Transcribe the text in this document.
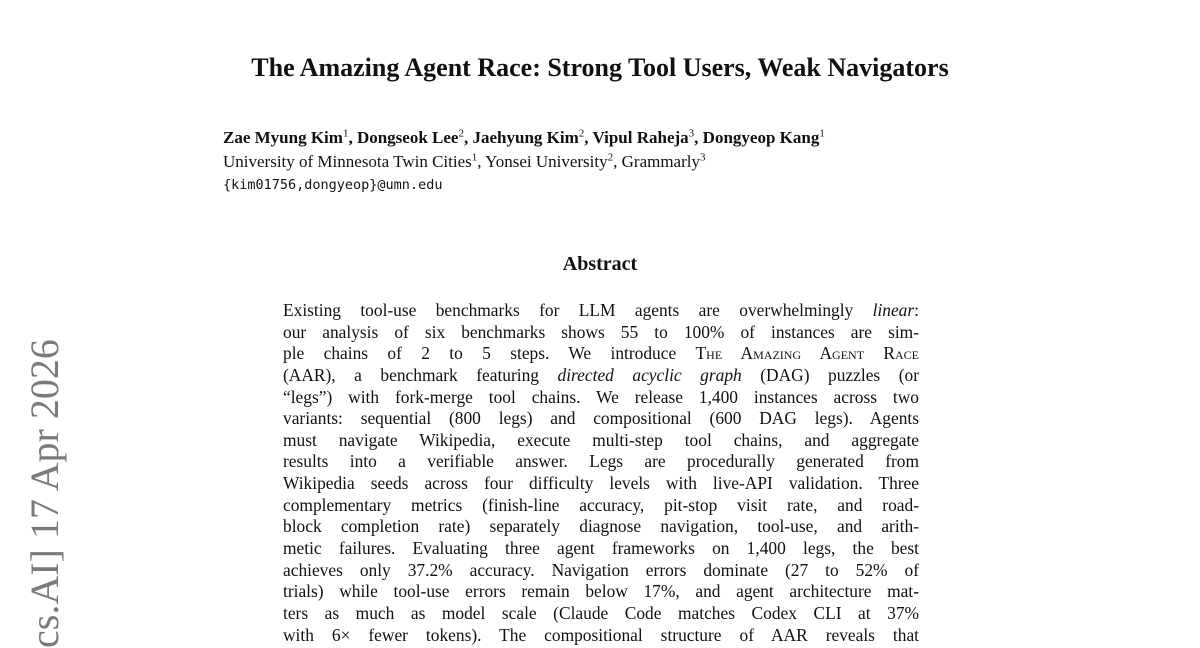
The Amazing Agent Race: Strong Tool Users, Weak Navigators
Zae Myung Kim$^1$, Dongseok Lee$^2$, Jaehyung Kim$^2$, Vipul Raheja$^3$, Dongyeop Kang$^1$
University of Minnesota Twin Cities$^1$, Yonsei University$^2$, Grammarly$^3$
{kim01756,dongyeop}@umn.edu
Abstract
Existing tool-use benchmarks for LLM agents are overwhelmingly linear:
our analysis of six benchmarks shows 55 to 100% of instances are sim-
ple chains of 2 to 5 steps. We introduce The Amazing Agent Race
(AAR), a benchmark featuring directed acyclic graph (DAG) puzzles (or
“legs”) with fork-merge tool chains. We release 1,400 instances across two
variants: sequential (800 legs) and compositional (600 DAG legs). Agents
must navigate Wikipedia, execute multi-step tool chains, and aggregate
results into a verifiable answer. Legs are procedurally generated from
Wikipedia seeds across four difficulty levels with live-API validation. Three
complementary metrics (finish-line accuracy, pit-stop visit rate, and road-
block completion rate) separately diagnose navigation, tool-use, and arith-
metic failures. Evaluating three agent frameworks on 1,400 legs, the best
achieves only 37.2% accuracy. Navigation errors dominate (27 to 52% of
trials) while tool-use errors remain below 17%, and agent architecture mat-
ters as much as model scale (Claude Code matches Codex CLI at 37%
with 6× fewer tokens). The compositional structure of AAR reveals that
cs.AI] 17 Apr 2026
